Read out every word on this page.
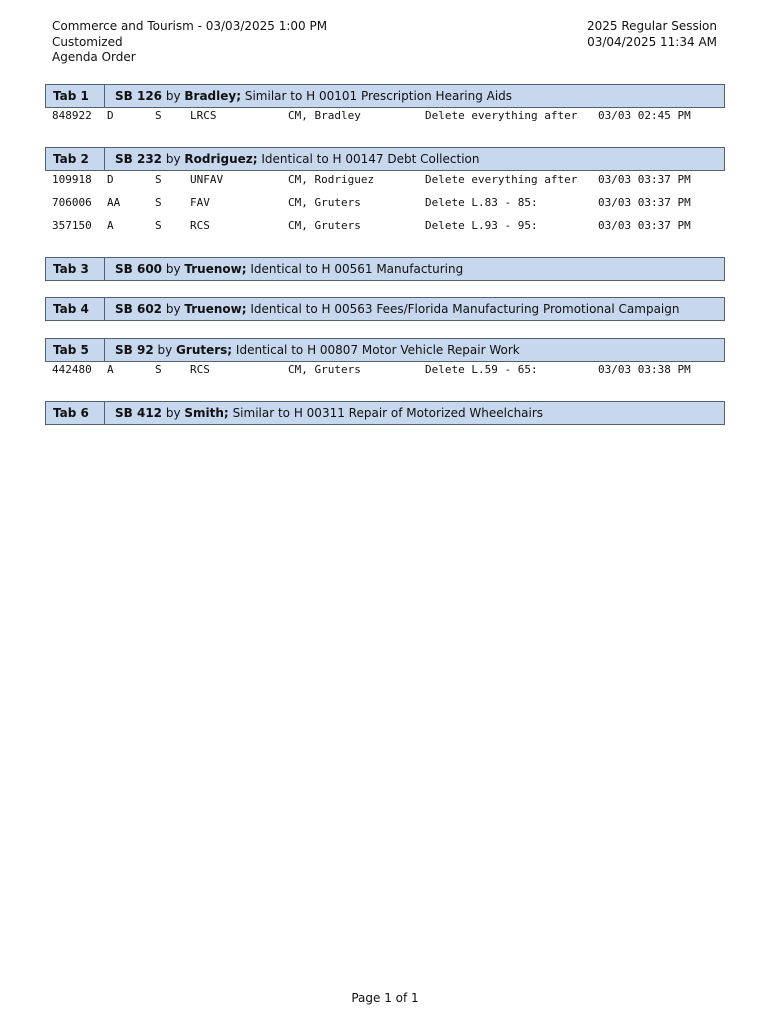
Commerce and Tourism - 03/03/2025 1:00 PM
Customized
Agenda Order
2025 Regular Session
03/04/2025 11:34 AM
Tab 1	SB 126 by Bradley; Similar to H 00101 Prescription Hearing Aids
848922 D	S	LRCS	CM, Bradley	Delete everything after 03/03 02:45 PM
Tab 2	SB 232 by Rodriguez; Identical to H 00147 Debt Collection
109918 D	S	UNFAV	CM, Rodriguez	Delete everything after 03/03 03:37 PM
706006 AA	S	FAV	CM, Gruters	Delete L.83 - 85:	03/03 03:37 PM
357150 A	S	RCS	CM, Gruters	Delete L.93 - 95:	03/03 03:37 PM
Tab 3	SB 600 by Truenow; Identical to H 00561 Manufacturing
Tab 4	SB 602 by Truenow; Identical to H 00563 Fees/Florida Manufacturing Promotional Campaign
Tab 5	SB 92 by Gruters; Identical to H 00807 Motor Vehicle Repair Work
442480 A	S	RCS	CM, Gruters	Delete L.59 - 65:	03/03 03:38 PM
Tab 6	SB 412 by Smith; Similar to H 00311 Repair of Motorized Wheelchairs
Page 1 of 1
